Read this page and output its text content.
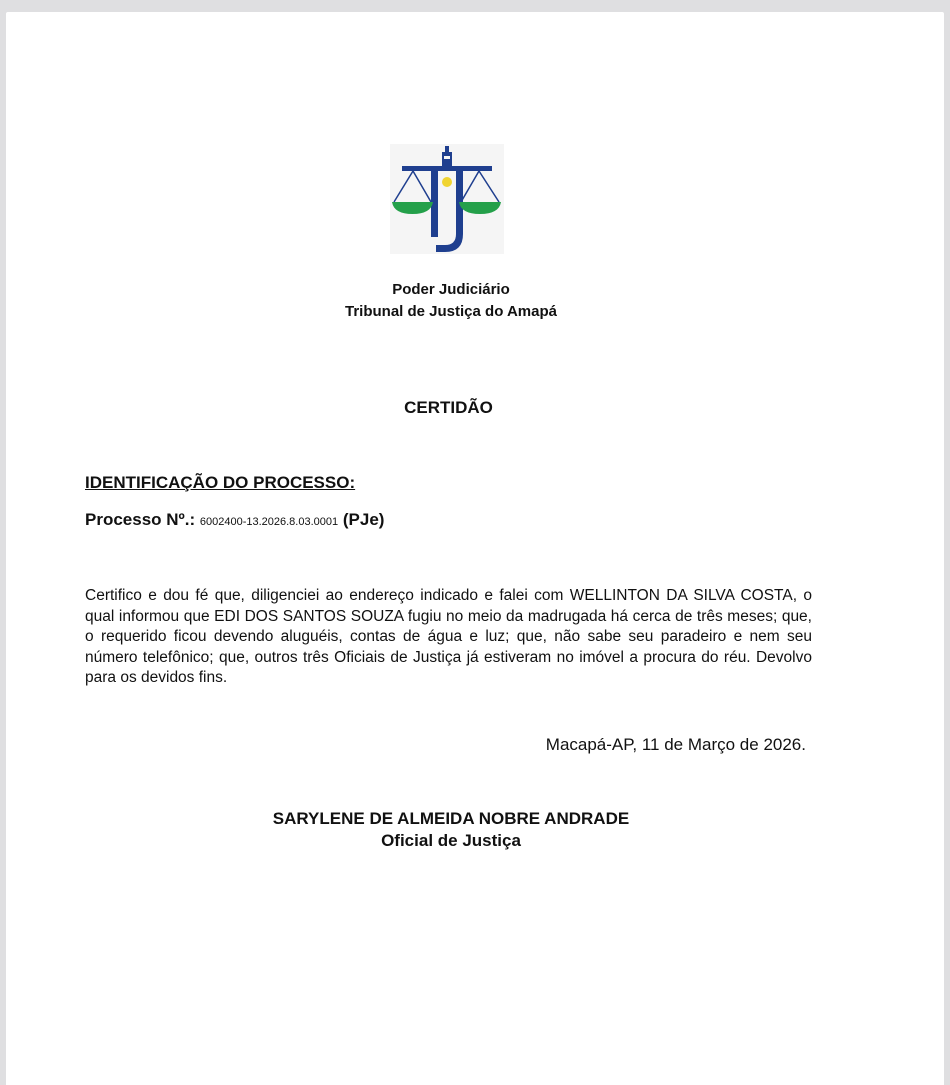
Poder Judiciário
Tribunal de Justiça do Amapá
CERTIDÃO
IDENTIFICAÇÃO DO PROCESSO:
Processo Nº.: 6002400-13.2026.8.03.0001 (PJe)
Certifico e dou fé que, diligenciei ao endereço indicado e falei com WELLINTON DA SILVA COSTA, o qual informou que EDI DOS SANTOS SOUZA fugiu no meio da madrugada há cerca de três meses; que, o requerido ficou devendo aluguéis, contas de água e luz; que, não sabe seu paradeiro e nem seu número telefônico; que, outros três Oficiais de Justiça já estiveram no imóvel a procura do réu. Devolvo para os devidos fins.
Macapá-AP, 11 de Março de 2026.
SARYLENE DE ALMEIDA NOBRE ANDRADE
Oficial de Justiça
